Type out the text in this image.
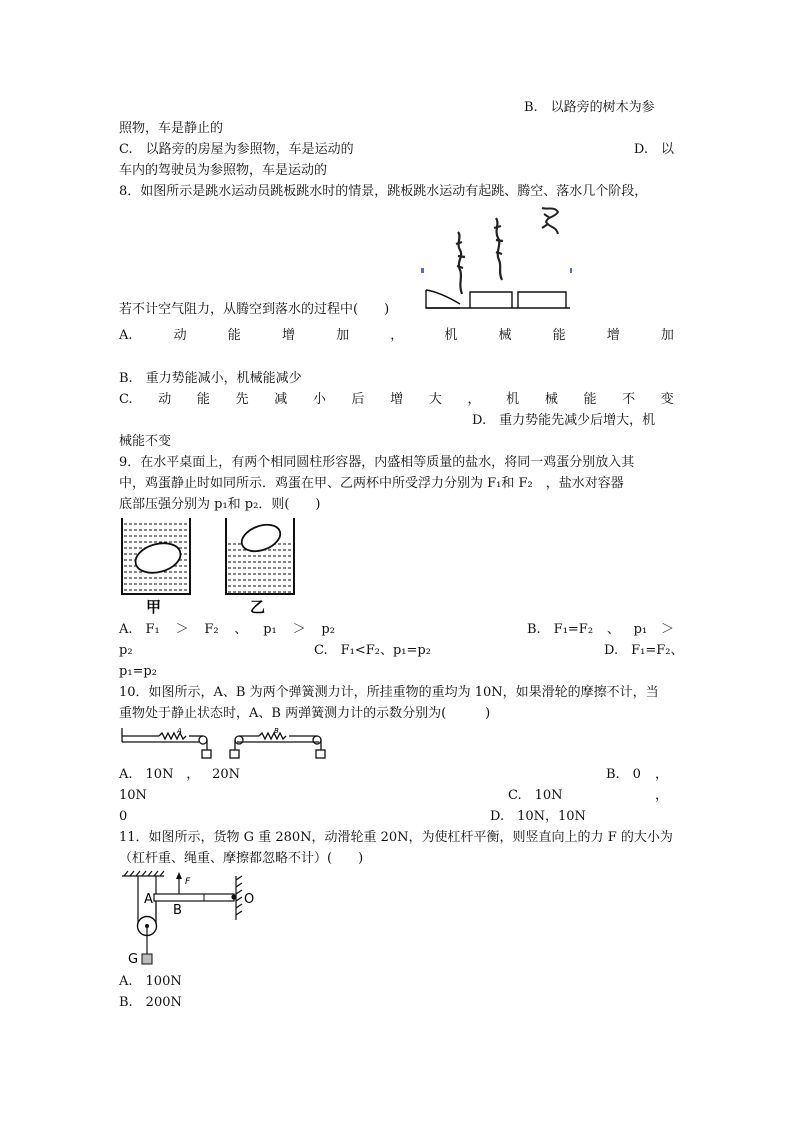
B.　以路旁的树木为参
照物，车是静止的
C.　以路旁的房屋为参照物，车是运动的	D.　以
车内的驾驶员为参照物，车是运动的
8．如图所示是跳水运动员跳板跳水时的情景，跳板跳水运动有起跳、腾空、落水几个阶段，
若不计空气阻力，从腾空到落水的过程中(　　)
A.	动	能	增	加	，	机	械	能	增	加
B.　重力势能减小，机械能减少
C. 动 能 先 减 小 后 增 大 ， 机 械 能 不 变
D.　重力势能先减少后增大，机
械能不变
9．在水平桌面上，有两个相同圆柱形容器，内盛相等质量的盐水，将同一鸡蛋分别放入其
中，鸡蛋静止时如同所示．鸡蛋在甲、乙两杯中所受浮力分别为 F₁和 F₂　，盐水对容器
底部压强分别为 p₁和 p₂．则(　　)
甲	乙
A.　F₁ ＞ F₂ 、 p₁ ＞ p₂	B.　F₁=F₂ 、 p₁ ＞
p₂	C.　F₁<F₂、p₁=p₂	D.　F₁=F₂、
p₁=p₂
10．如图所示，A、B 为两个弹簧测力计，所挂重物的重均为 10N，如果滑轮的摩擦不计，当
重物处于静止状态时，A、B 两弹簧测力计的示数分别为(　　　)
A	B
A.　10N ， 20N	B.　0 ，
10N	C.　10N	，
0	D.　10N，10N
11．如图所示，货物 G 重 280N，动滑轮重 20N，为使杠杆平衡，则竖直向上的力 F 的大小为
（杠杆重、绳重、摩擦都忽略不计）(　　)
F
A
B
O
G
A.　100N
B.　200N
